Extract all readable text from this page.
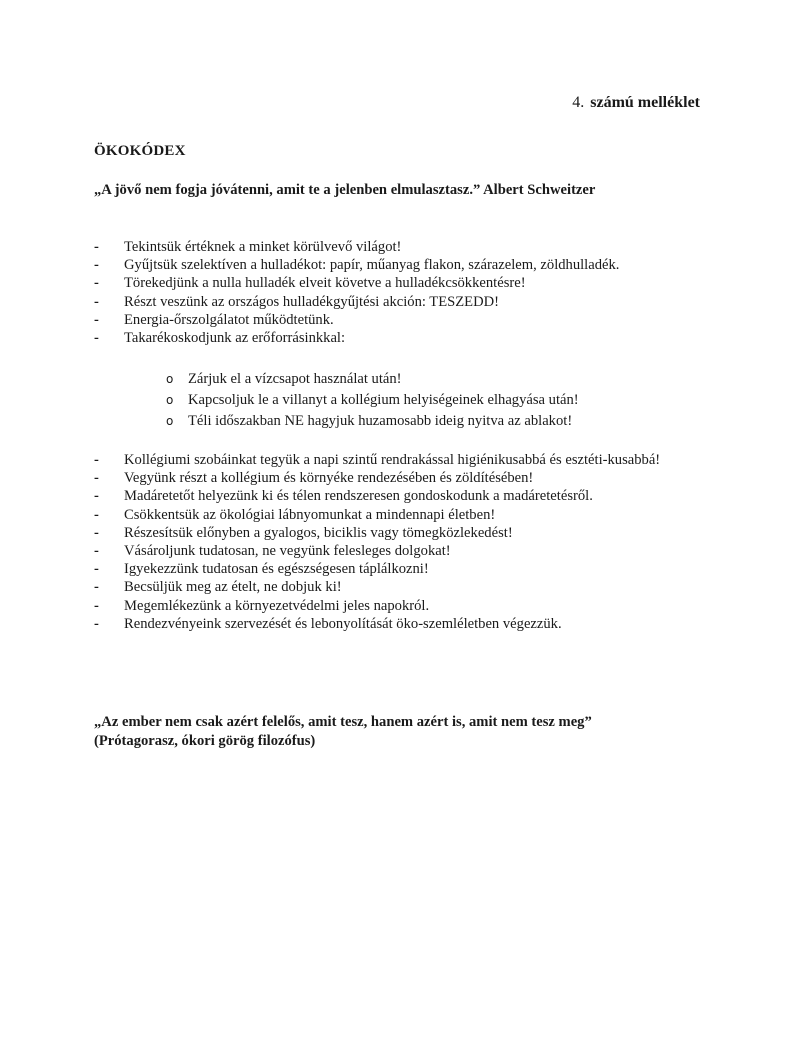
4. számú melléklet
ÖKOKÓDEX
„A jövő nem fogja jóvátenni, amit te a jelenben elmulasztasz.” Albert Schweitzer
- Tekintsük értéknek a minket körülvevő világot!
- Gyűjtsük szelektíven a hulladékot: papír, műanyag flakon, szárazelem, zöldhulladék.
- Törekedjünk a nulla hulladék elveit követve a hulladékcsökkentésre!
- Részt veszünk az országos hulladékgyűjtési akción: TESZEDD!
- Energia-őrszolgálatot működtetünk.
- Takarékoskodjunk az erőforrásinkkal:
o Zárjuk el a vízcsapot használat után!
o Kapcsoljuk le a villanyt a kollégium helyiségeinek elhagyása után!
o Téli időszakban NE hagyjuk huzamosabb ideig nyitva az ablakot!
- Kollégiumi szobáinkat tegyük a napi szintű rendrakással higiénikusabbá és esztéti-kusabbá!
- Vegyünk részt a kollégium és környéke rendezésében és zöldítésében!
- Madáretetőt helyezünk ki és télen rendszeresen gondoskodunk a madáretetésről.
- Csökkentsük az ökológiai lábnyomunkat a mindennapi életben!
- Részesítsük előnyben a gyalogos, biciklis vagy tömegközlekedést!
- Vásároljunk tudatosan, ne vegyünk felesleges dolgokat!
- Igyekezzünk tudatosan és egészségesen táplálkozni!
- Becsüljük meg az ételt, ne dobjuk ki!
- Megemlékezünk a környezetvédelmi jeles napokról.
- Rendezvényeink szervezését és lebonyolítását öko-szemléletben végezzük.
„Az ember nem csak azért felelős, amit tesz, hanem azért is, amit nem tesz meg”
(Prótagorasz, ókori görög filozófus)
